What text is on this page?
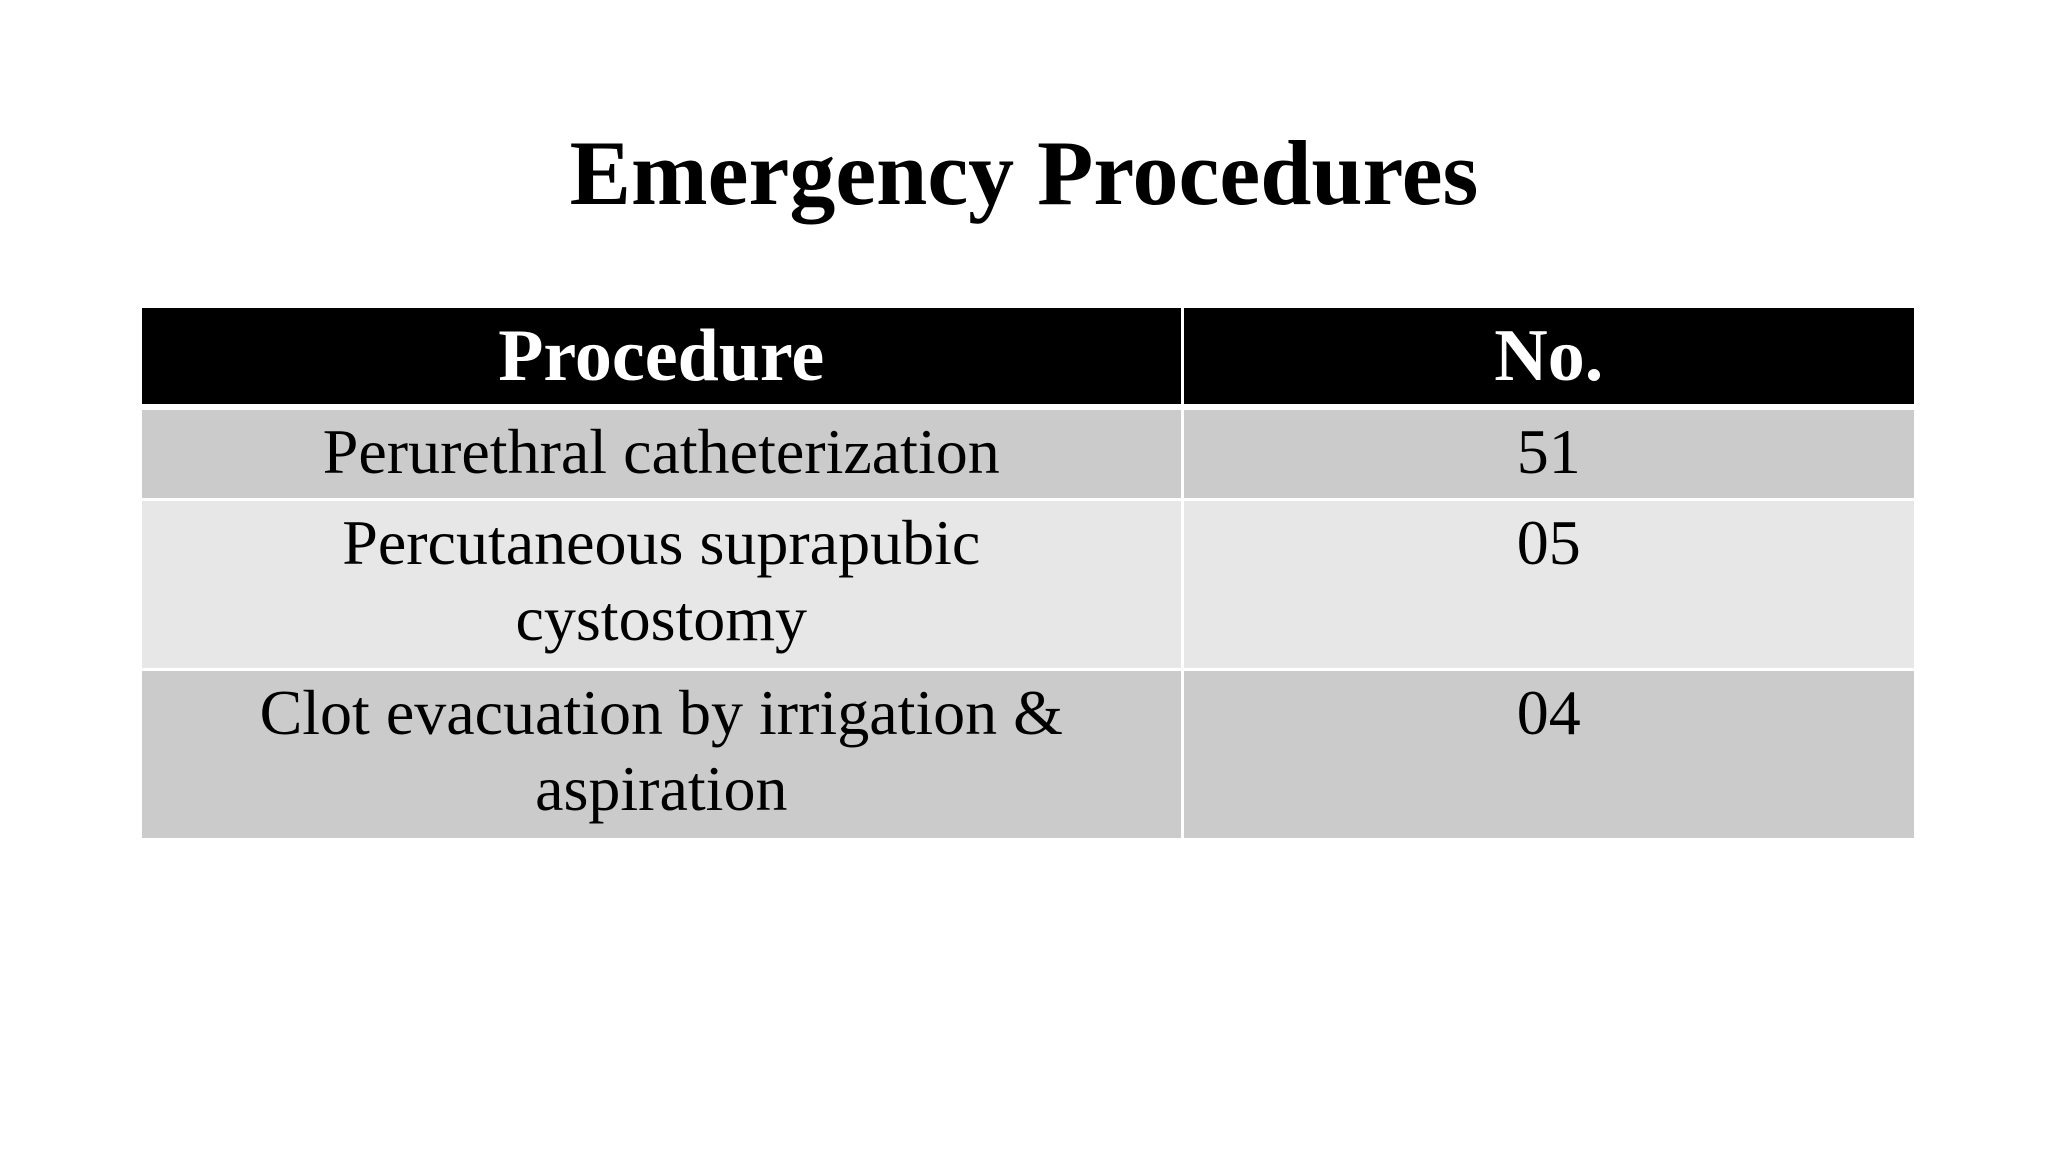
Emergency Procedures
Procedure	No.
Perurethral catheterization	51
Percutaneous suprapubic cystostomy	05
Clot evacuation by irrigation & aspiration	04
